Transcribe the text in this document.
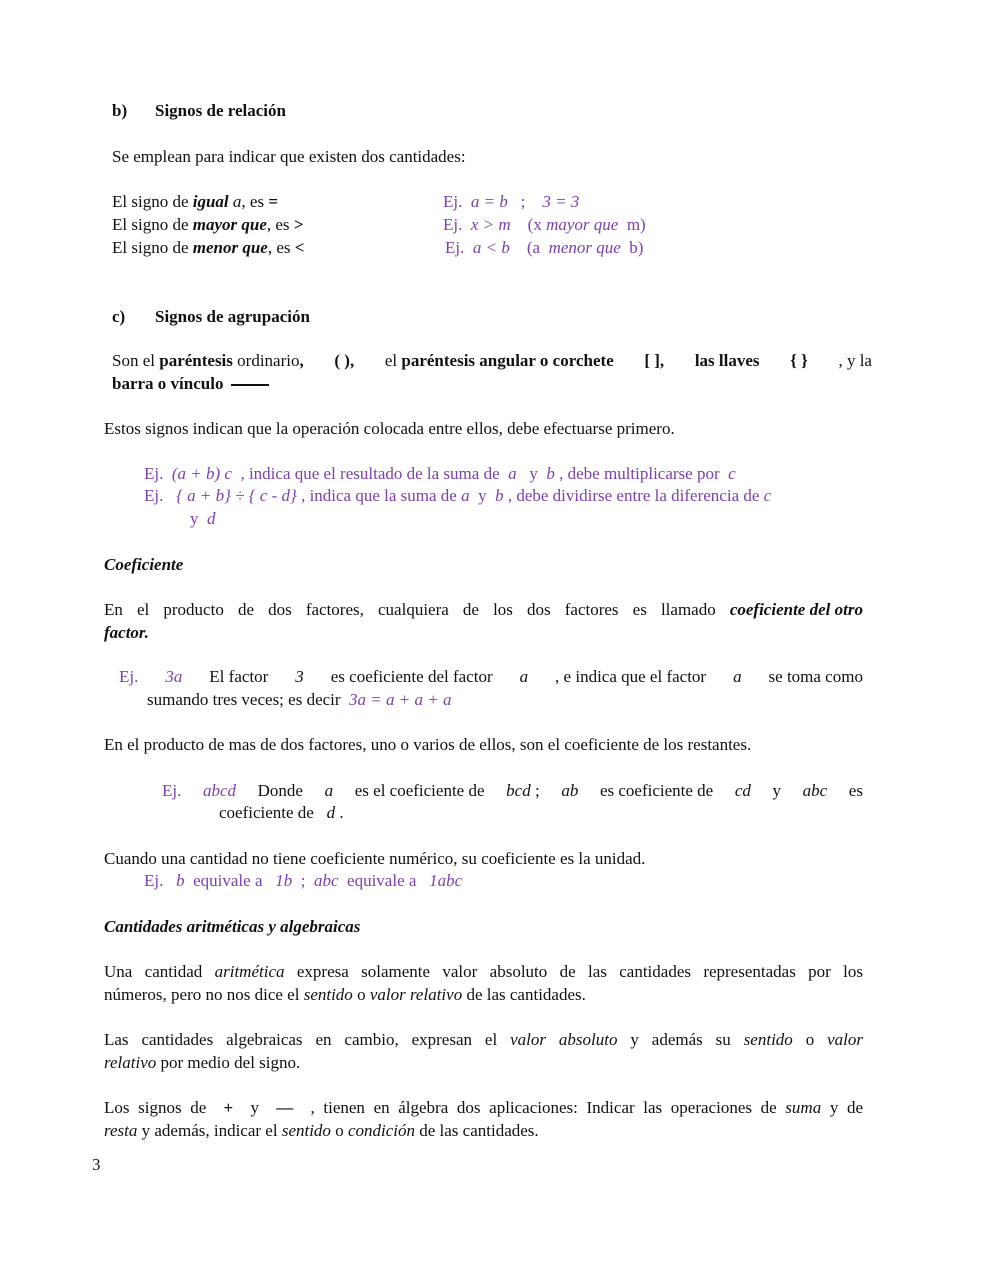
b) Signos de relación
Se emplean para indicar que existen dos cantidades:
El signo de igual a, es =	Ej. a = b ; 3 = 3
El signo de mayor que, es >	Ej. x > m (x mayor que m)
El signo de menor que, es <	Ej. a < b (a menor que b)
c) Signos de agrupación
Son el paréntesis ordinario, ( ), el paréntesis angular o corchete [ ], las llaves { } , y la
barra o vínculo
Estos signos indican que la operación colocada entre ellos, debe efectuarse primero.
Ej. (a + b) c , indica que el resultado de la suma de a y b , debe multiplicarse por c
Ej. { a + b} ÷ { c - d} , indica que la suma de a y b , debe dividirse entre la diferencia de c
y d
Coeficiente
En el producto de dos factores, cualquiera de los dos factores es llamado coeficiente del otro
factor.
Ej. 3a El factor 3 es coeficiente del factor a , e indica que el factor a se toma como
sumando tres veces; es decir 3a = a + a + a
En el producto de mas de dos factores, uno o varios de ellos, son el coeficiente de los restantes.
Ej. abcd Donde a es el coeficiente de bcd ; ab es coeficiente de cd y abc es
coeficiente de d .
Cuando una cantidad no tiene coeficiente numérico, su coeficiente es la unidad.
Ej. b equivale a 1b ; abc equivale a 1abc
Cantidades aritméticas y algebraicas
Una cantidad aritmética expresa solamente valor absoluto de las cantidades representadas por los
números, pero no nos dice el sentido o valor relativo de las cantidades.
Las cantidades algebraicas en cambio, expresan el valor absoluto y además su sentido o valor
relativo por medio del signo.
Los signos de + y — , tienen en álgebra dos aplicaciones: Indicar las operaciones de suma y de
resta y además, indicar el sentido o condición de las cantidades.
3
